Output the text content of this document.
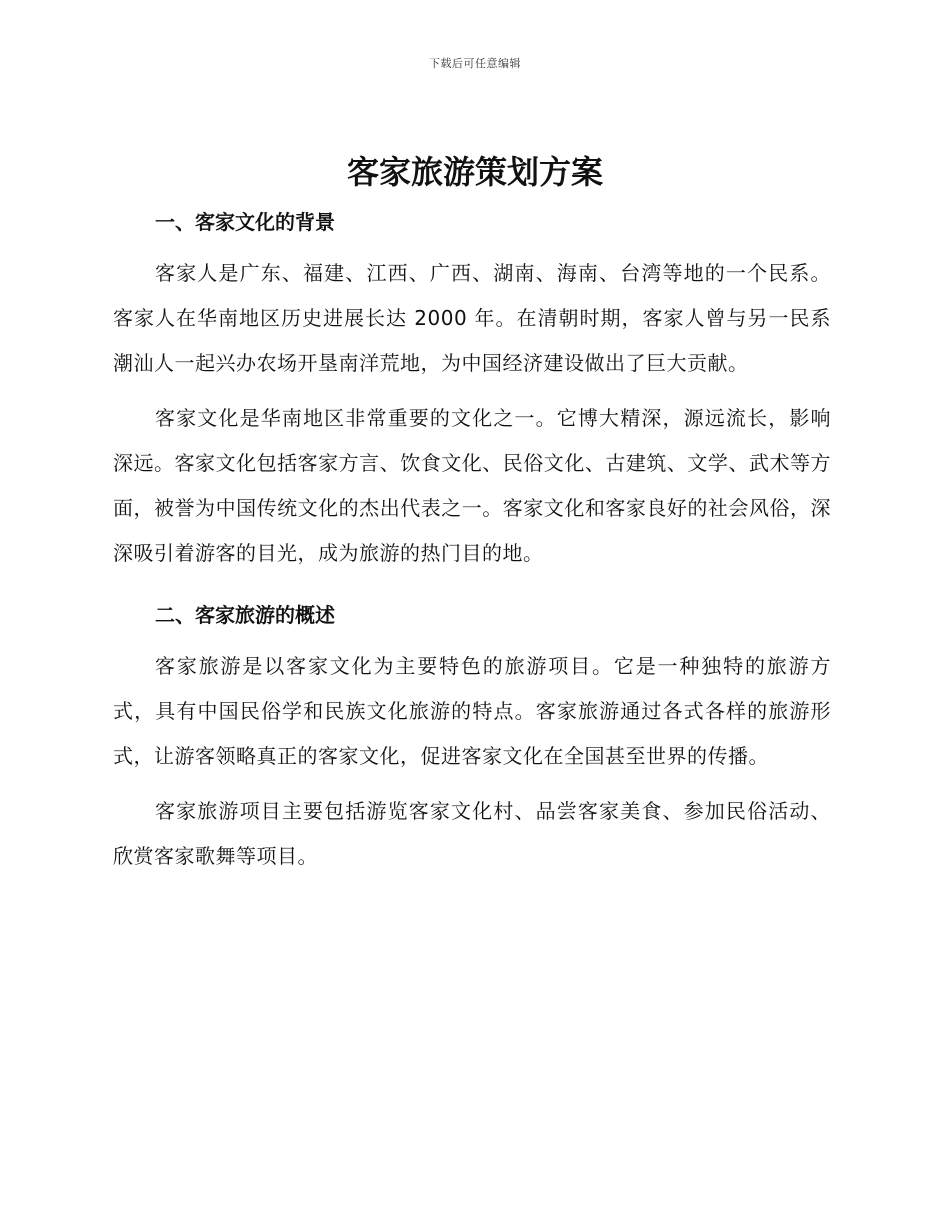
下载后可任意编辑
客家旅游策划方案
一、客家文化的背景

客家人是广东、福建、江西、广西、湖南、海南、台湾等地的一个民系。客家人在华南地区历史进展长达 2000 年。在清朝时期，客家人曾与另一民系潮汕人一起兴办农场开垦南洋荒地，为中国经济建设做出了巨大贡献。

客家文化是华南地区非常重要的文化之一。它博大精深，源远流长，影响深远。客家文化包括客家方言、饮食文化、民俗文化、古建筑、文学、武术等方面，被誉为中国传统文化的杰出代表之一。客家文化和客家良好的社会风俗，深深吸引着游客的目光，成为旅游的热门目的地。

二、客家旅游的概述

客家旅游是以客家文化为主要特色的旅游项目。它是一种独特的旅游方式，具有中国民俗学和民族文化旅游的特点。客家旅游通过各式各样的旅游形式，让游客领略真正的客家文化，促进客家文化在全国甚至世界的传播。

客家旅游项目主要包括游览客家文化村、品尝客家美食、参加民俗活动、欣赏客家歌舞等项目。
